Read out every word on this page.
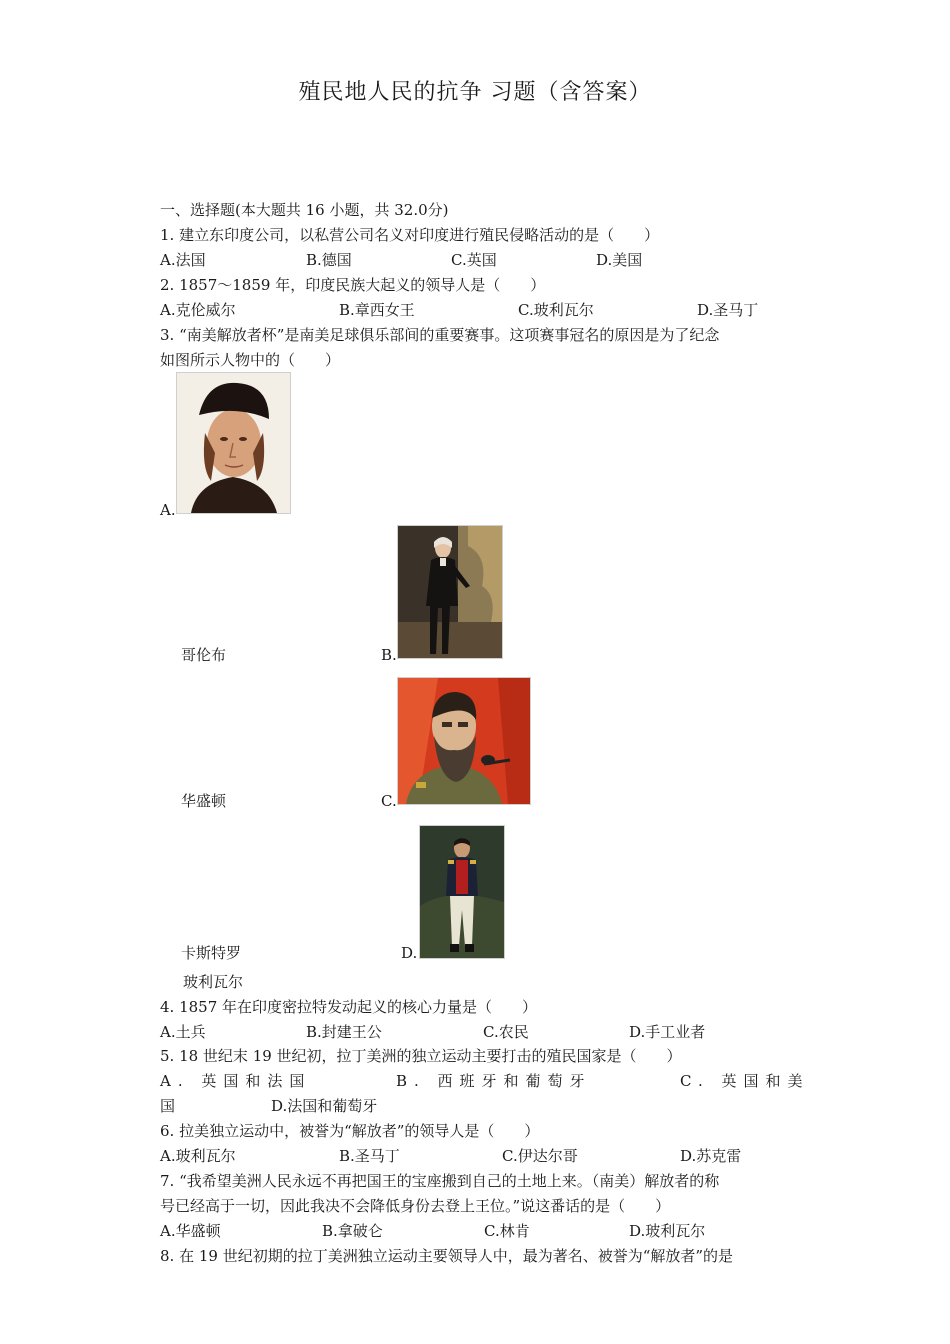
殖民地人民的抗争 习题（含答案）
一、选择题(本大题共 16 小题，共 32.0分)
1. 建立东印度公司，以私营公司名义对印度进行殖民侵略活动的是（　　）
A.法国	B.德国	C.英国	D.美国
2. 1857～1859 年，印度民族大起义的领导人是（　　）
A.克伦威尔	B.章西女王	C.玻利瓦尔	D.圣马丁
3. “南美解放者杯”是南美足球俱乐部间的重要赛事。这项赛事冠名的原因是为了纪念
如图所示人物中的（　　）
A.
哥伦布	B.
华盛顿	C.
卡斯特罗	D.
玻利瓦尔
4. 1857 年在印度密拉特发动起义的核心力量是（　　）
A.土兵	B.封建王公	C.农民	D.手工业者
5. 18 世纪末 19 世纪初，拉丁美洲的独立运动主要打击的殖民国家是（　　）
A. 英国和法国	B. 西班牙和葡萄牙	C. 英国和美
国	D.法国和葡萄牙
6. 拉美独立运动中，被誉为“解放者”的领导人是（　　）
A.玻利瓦尔	B.圣马丁	C.伊达尔哥	D.苏克雷
7. “我希望美洲人民永远不再把国王的宝座搬到自己的土地上来。（南美）解放者的称
号已经高于一切，因此我决不会降低身份去登上王位。”说这番话的是（　　）
A.华盛顿	B.拿破仑	C.林肯	D.玻利瓦尔
8. 在 19 世纪初期的拉丁美洲独立运动主要领导人中，最为著名、被誉为“解放者”的是
